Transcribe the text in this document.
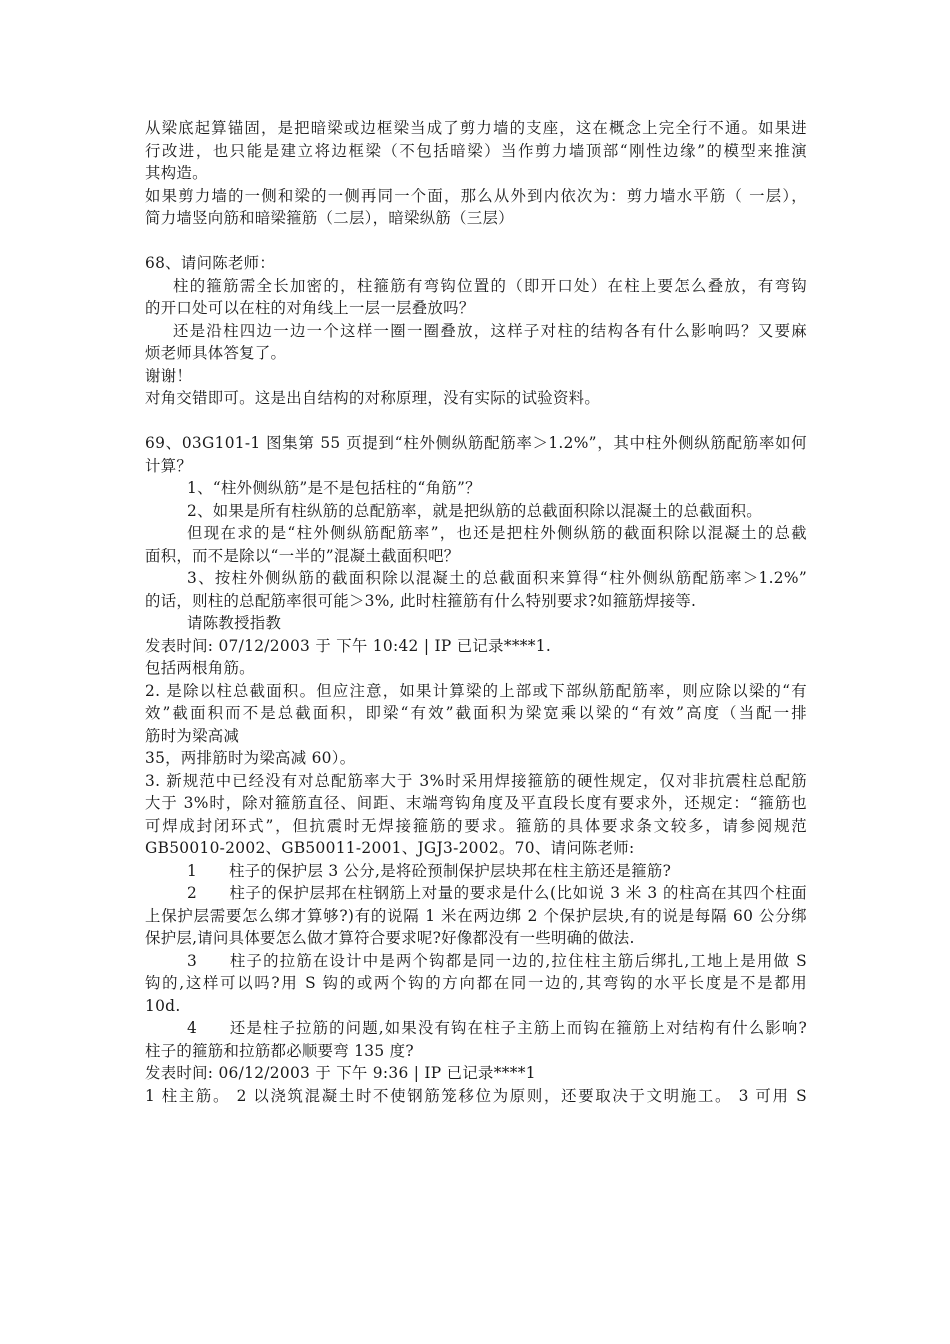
从梁底起算锚固，是把暗梁或边框梁当成了剪力墙的支座，这在概念上完全行不通。如果进
行改进，也只能是建立将边框梁（不包括暗梁）当作剪力墙顶部“刚性边缘”的模型来推演
其构造。
如果剪力墙的一侧和梁的一侧再同一个面，那么从外到内依次为：剪力墙水平筋（ 一层），
简力墙竖向筋和暗梁箍筋（二层），暗梁纵筋（三层）
68、请问陈老师：
柱的箍筋需全长加密的，柱箍筋有弯钩位置的（即开口处）在柱上要怎么叠放，有弯钩
的开口处可以在柱的对角线上一层一层叠放吗？
还是沿柱四边一边一个这样一圈一圈叠放，这样子对柱的结构各有什么影响吗？又要麻
烦老师具体答复了。
谢谢！
对角交错即可。这是出自结构的对称原理，没有实际的试验资料。
69、03G101-1 图集第 55 页提到“柱外侧纵筋配筋率＞1.2%”，其中柱外侧纵筋配筋率如何
计算？
1、“柱外侧纵筋”是不是包括柱的“角筋”？
2、如果是所有柱纵筋的总配筋率，就是把纵筋的总截面积除以混凝土的总截面积。
但现在求的是“柱外侧纵筋配筋率”，也还是把柱外侧纵筋的截面积除以混凝土的总截
面积，而不是除以“一半的”混凝土截面积吧？
3、按柱外侧纵筋的截面积除以混凝土的总截面积来算得“柱外侧纵筋配筋率＞1.2%”
的话，则柱的总配筋率很可能＞3%, 此时柱箍筋有什么特别要求?如箍筋焊接等.
请陈教授指教
发表时间: 07/12/2003 于 下午 10:42 | IP 已记录****1.
包括两根角筋。
2. 是除以柱总截面积。但应注意，如果计算梁的上部或下部纵筋配筋率，则应除以梁的“有
效”截面积而不是总截面积，即梁“有效”截面积为梁宽乘以梁的“有效”高度（当配一排
筋时为梁高减
35，两排筋时为梁高减 60）。
3. 新规范中已经没有对总配筋率大于 3%时采用焊接箍筋的硬性规定，仅对非抗震柱总配筋
大于 3%时，除对箍筋直径、间距、末端弯钩角度及平直段长度有要求外，还规定：“箍筋也
可焊成封闭环式”，但抗震时无焊接箍筋的要求。箍筋的具体要求条文较多，请参阅规范
GB50010-2002、GB50011-2001、JGJ3-2002。70、请问陈老师:
1 柱子的保护层 3 公分,是将砼预制保护层块邦在柱主筋还是箍筋?
2 柱子的保护层邦在柱钢筋上对量的要求是什么(比如说 3 米 3 的柱高在其四个柱面
上保护层需要怎么绑才算够?)有的说隔 1 米在两边绑 2 个保护层块,有的说是每隔 60 公分绑
保护层,请问具体要怎么做才算符合要求呢?好像都没有一些明确的做法.
3 柱子的拉筋在设计中是两个钩都是同一边的,拉住柱主筋后绑扎,工地上是用做 S
钩的,这样可以吗?用 S 钩的或两个钩的方向都在同一边的,其弯钩的水平长度是不是都用
10d.
4 还是柱子拉筋的问题,如果没有钩在柱子主筋上而钩在箍筋上对结构有什么影响?
柱子的箍筋和拉筋都必顺要弯 135 度?
发表时间: 06/12/2003 于 下午 9:36 | IP 已记录****1
1 柱主筋。 2 以浇筑混凝土时不使钢筋笼移位为原则，还要取决于文明施工。 3 可用 S
